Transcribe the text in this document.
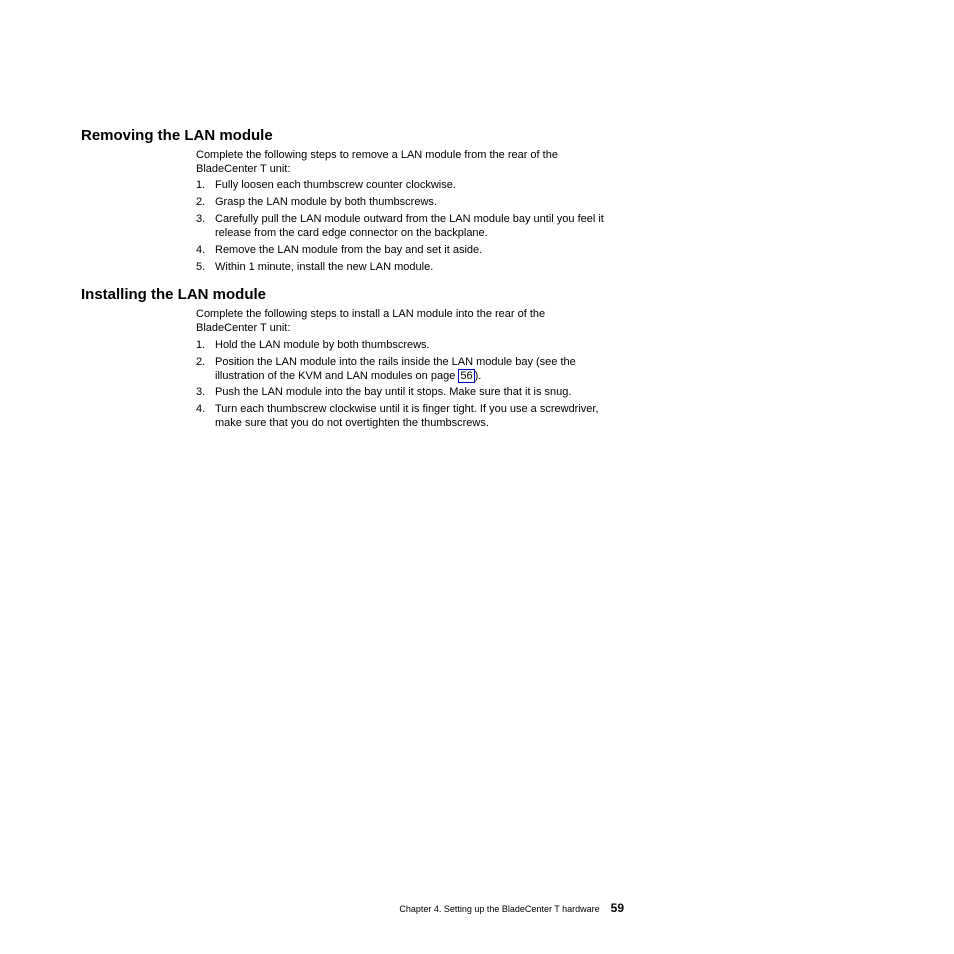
Removing the LAN module

Complete the following steps to remove a LAN module from the rear of the BladeCenter T unit:

1. Fully loosen each thumbscrew counter clockwise.
2. Grasp the LAN module by both thumbscrews.
3. Carefully pull the LAN module outward from the LAN module bay until you feel it release from the card edge connector on the backplane.
4. Remove the LAN module from the bay and set it aside.
5. Within 1 minute, install the new LAN module.
Installing the LAN module

Complete the following steps to install a LAN module into the rear of the BladeCenter T unit:

1. Hold the LAN module by both thumbscrews.
2. Position the LAN module into the rails inside the LAN module bay (see the illustration of the KVM and LAN modules on page 56 ).
3. Push the LAN module into the bay until it stops. Make sure that it is snug.
4. Turn each thumbscrew clockwise until it is finger tight. If you use a screwdriver, make sure that you do not overtighten the thumbscrews.
Chapter 4. Setting up the BladeCenter T hardware 59
